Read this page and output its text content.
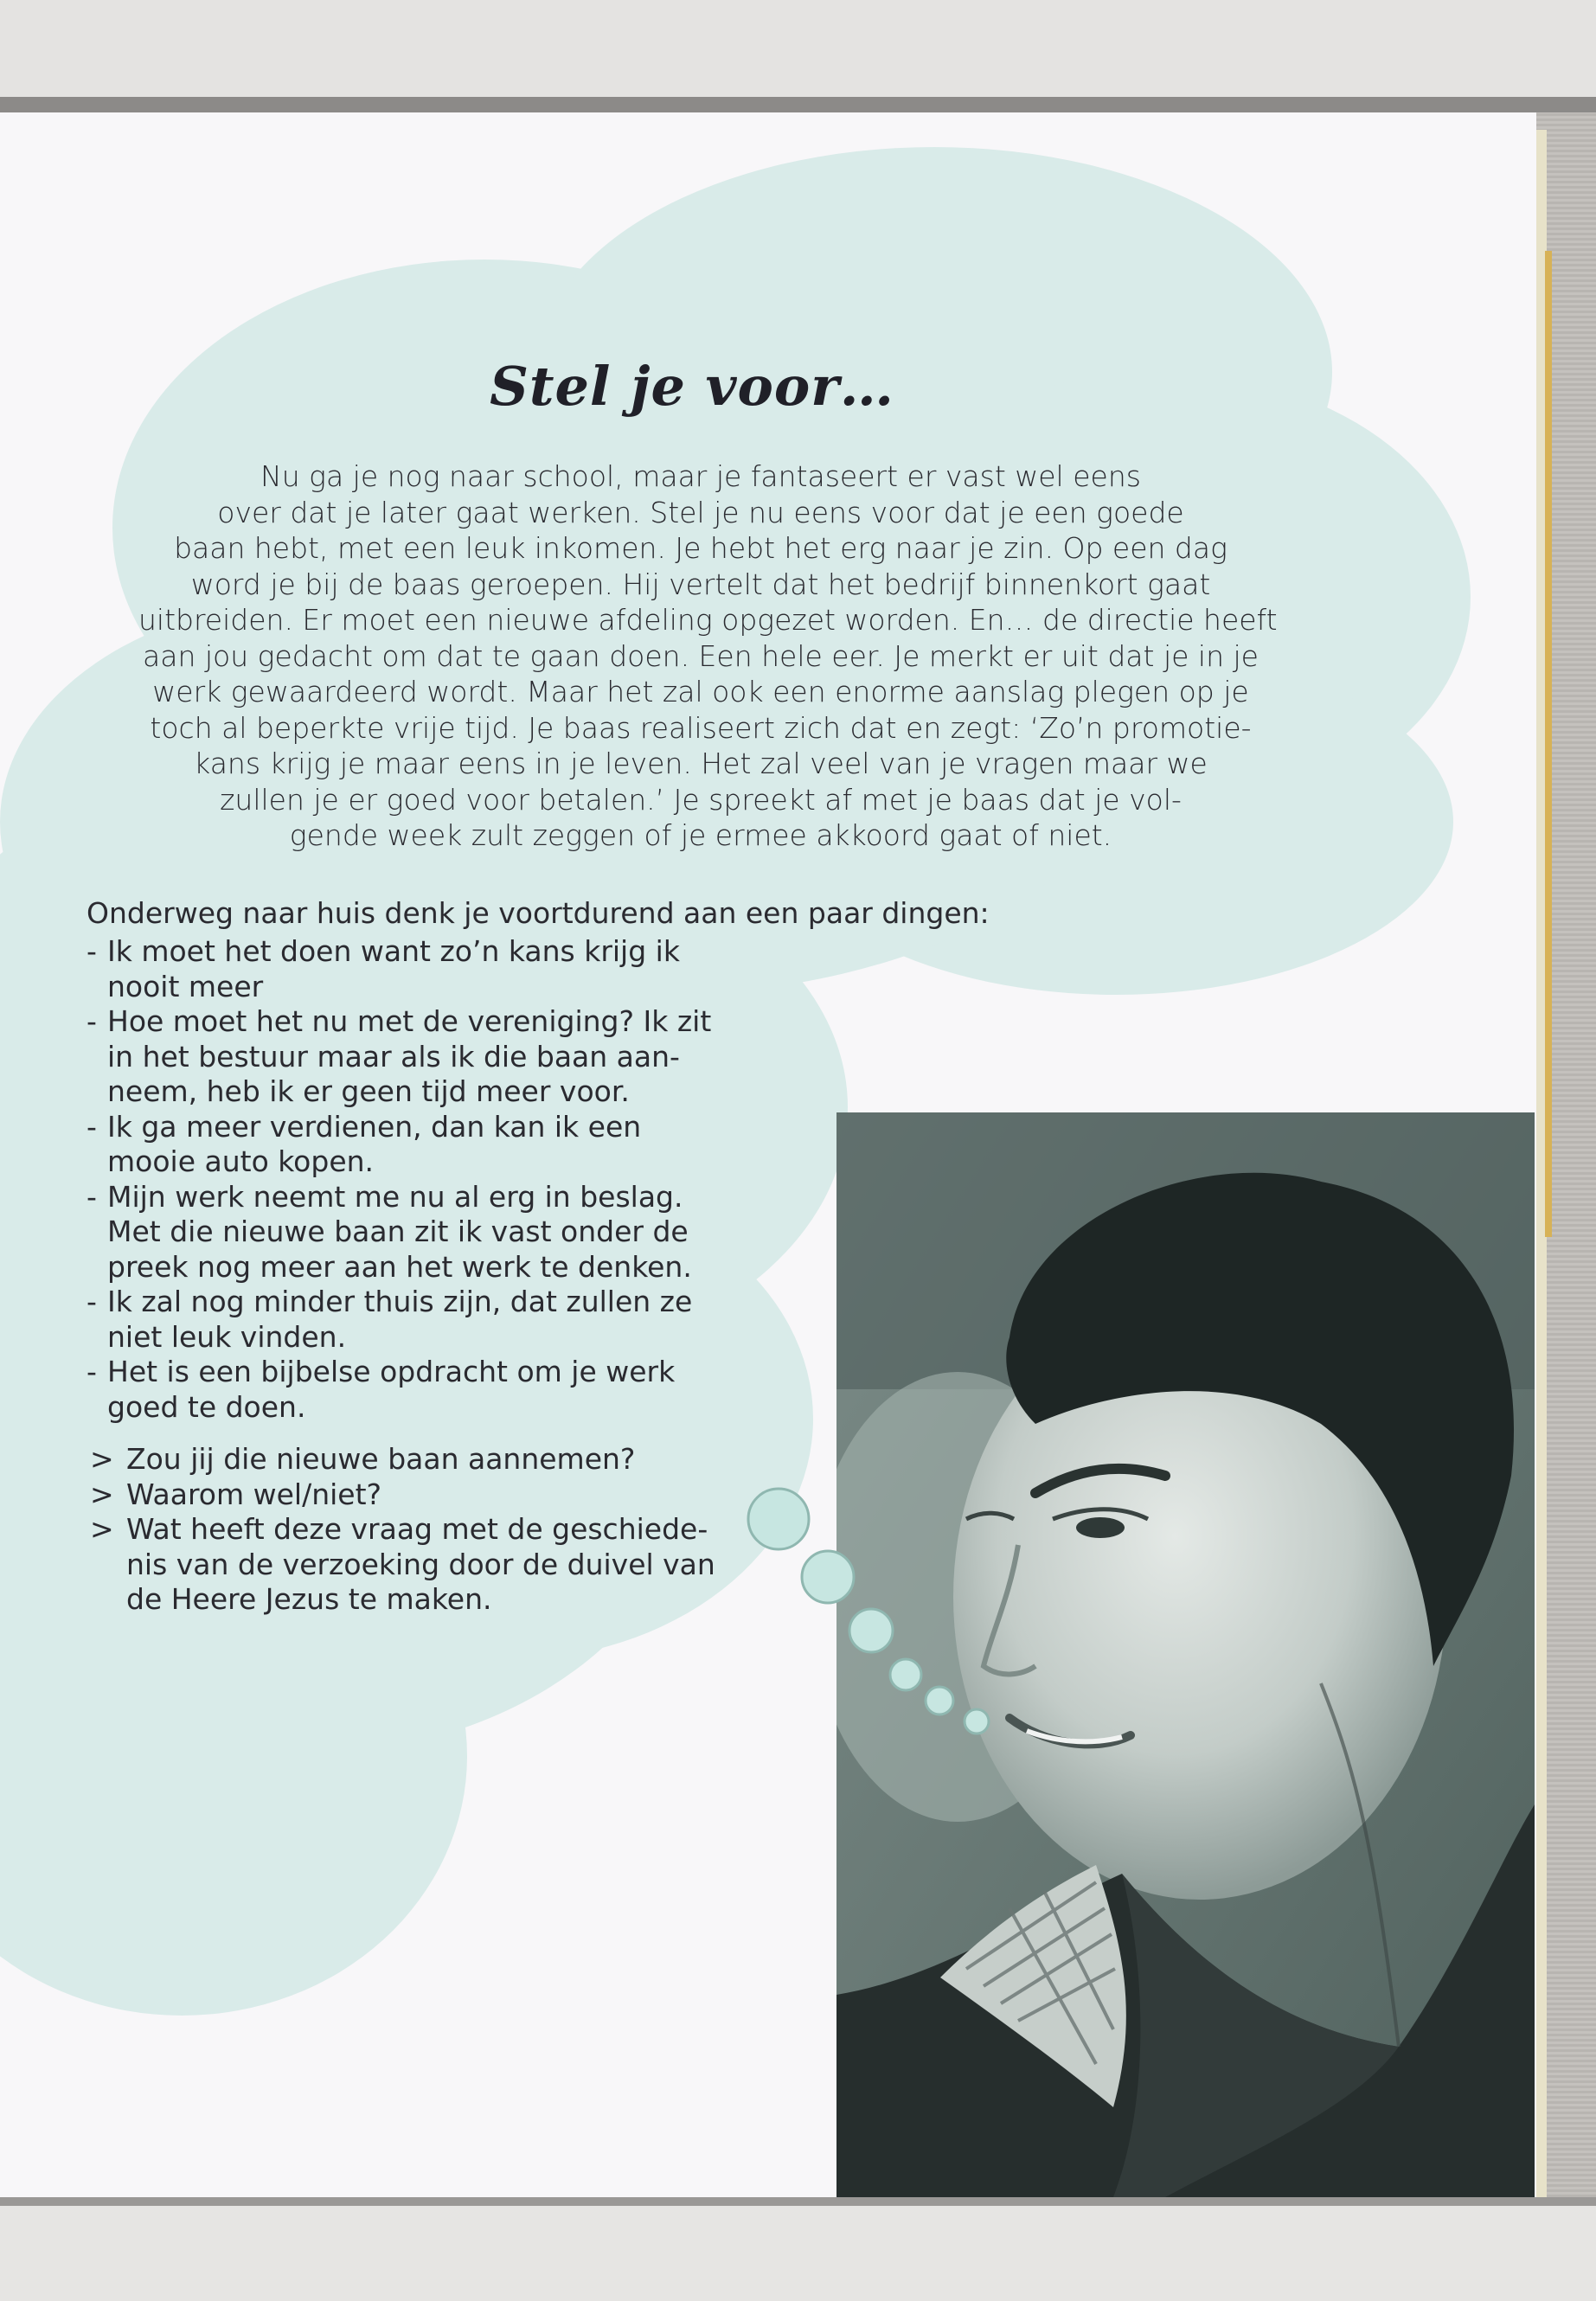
Stel je voor…
Nu ga je nog naar school, maar je fantaseert er vast wel eens
over dat je later gaat werken. Stel je nu eens voor dat je een goede
baan hebt, met een leuk inkomen. Je hebt het erg naar je zin. Op een dag
word je bij de baas geroepen. Hij vertelt dat het bedrijf binnenkort gaat
uitbreiden. Er moet een nieuwe afdeling opgezet worden. En… de directie heeft
aan jou gedacht om dat te gaan doen. Een hele eer. Je merkt er uit dat je in je
werk gewaardeerd wordt. Maar het zal ook een enorme aanslag plegen op je
toch al beperkte vrije tijd. Je baas realiseert zich dat en zegt: ‘Zo’n promotie-
kans krijg je maar eens in je leven. Het zal veel van je vragen maar we
zullen je er goed voor betalen.’ Je spreekt af met je baas dat je vol-
gende week zult zeggen of je ermee akkoord gaat of niet.
Onderweg naar huis denk je voortdurend aan een paar dingen:
- Ik moet het doen want zo’n kans krijg ik
nooit meer
- Hoe moet het nu met de vereniging? Ik zit
in het bestuur maar als ik die baan aan-
neem, heb ik er geen tijd meer voor.
- Ik ga meer verdienen, dan kan ik een
mooie auto kopen.
- Mijn werk neemt me nu al erg in beslag.
Met die nieuwe baan zit ik vast onder de
preek nog meer aan het werk te denken.
- Ik zal nog minder thuis zijn, dat zullen ze
niet leuk vinden.
- Het is een bijbelse opdracht om je werk
goed te doen.
> Zou jij die nieuwe baan aannemen?
> Waarom wel/niet?
> Wat heeft deze vraag met de geschiede-
nis van de verzoeking door de duivel van
de Heere Jezus te maken.
